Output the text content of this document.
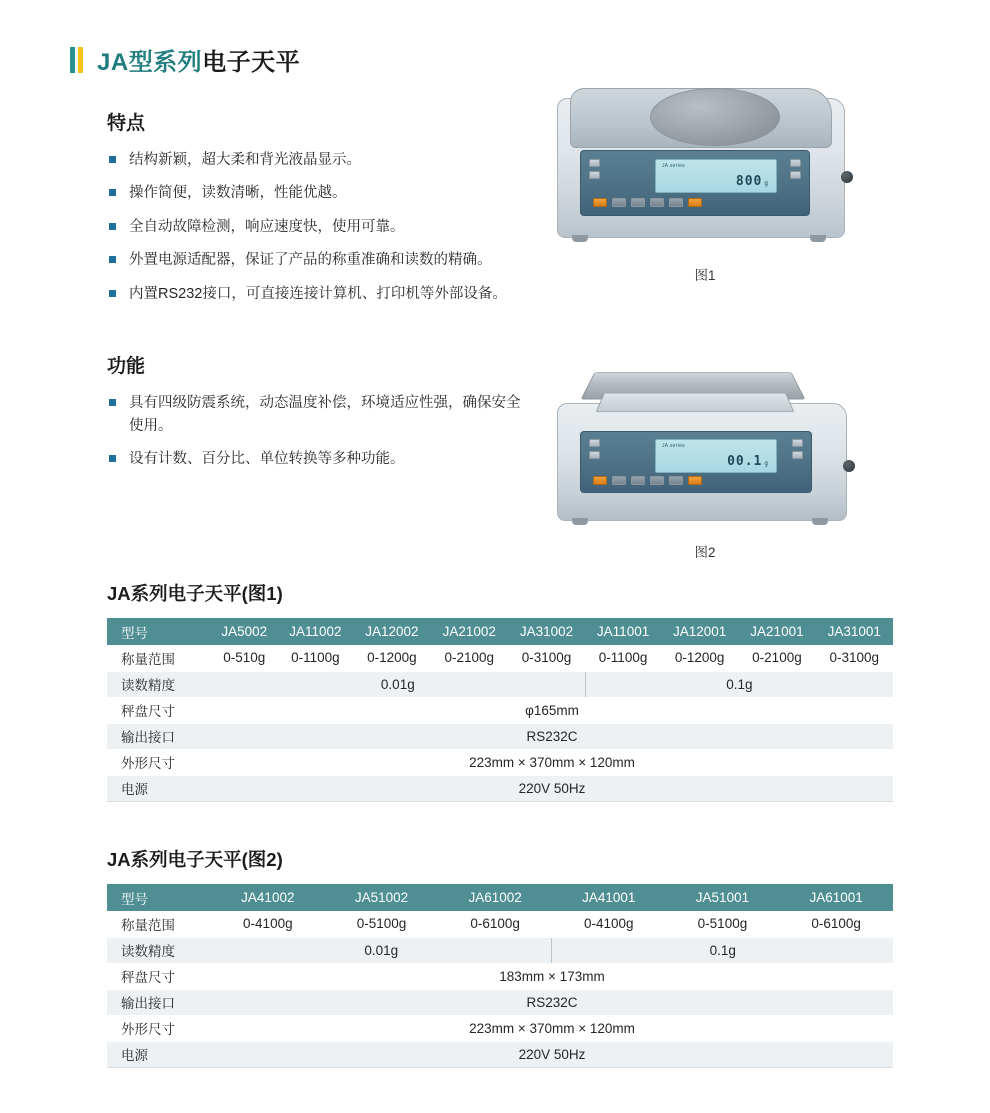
JA型系列电子天平
特点
结构新颖，超大柔和背光液晶显示。
操作简便，读数清晰，性能优越。
全自动故障检测，响应速度快，使用可靠。
外置电源适配器，保证了产品的称重准确和读数的精确。
内置RS232接口，可直接连接计算机、打印机等外部设备。
功能
具有四级防震系统，动态温度补偿，环境适应性强，确保安全使用。
设有计数、百分比、单位转换等多种功能。
JA series
800 g
图1
JA series
00.1 g
图2
JA系列电子天平(图1)
型号	JA5002	JA11002	JA12002	JA21002	JA31002	JA11001	JA12001	JA21001	JA31001
称量范围	0-510g	0-1100g	0-1200g	0-2100g	0-3100g	0-1100g	0-1200g	0-2100g	0-3100g
读数精度	0.01g					0.1g			
秤盘尺寸	φ165mm								
输出接口	RS232C								
外形尺寸	223mm × 370mm × 120mm								
电源	220V 50Hz								
JA系列电子天平(图2)
型号	JA41002	JA51002	JA61002	JA41001	JA51001	JA61001
称量范围	0-4100g	0-5100g	0-6100g	0-4100g	0-5100g	0-6100g
读数精度	0.01g			0.1g		
秤盘尺寸	183mm × 173mm					
输出接口	RS232C					
外形尺寸	223mm × 370mm × 120mm					
电源	220V 50Hz					
